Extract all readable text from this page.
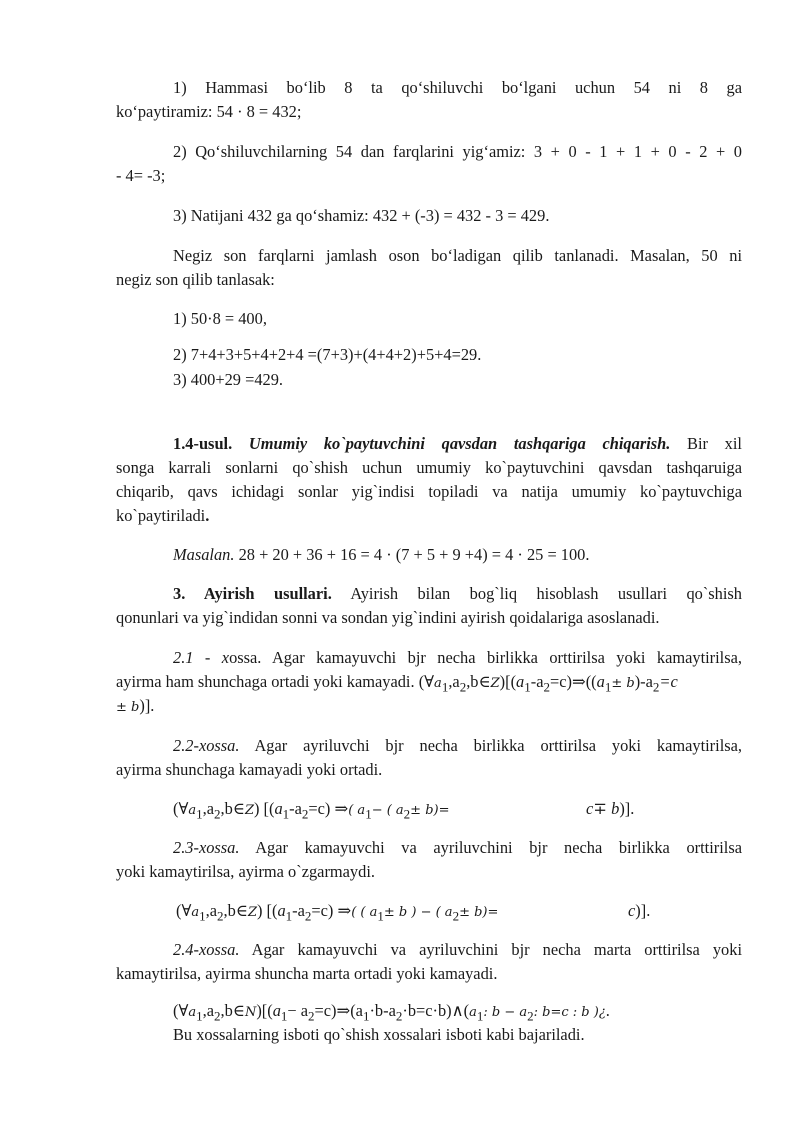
1) Hammasi bo‘lib 8 ta qo‘shiluvchi bo‘lgani uchun 54 ni 8 ga

ko‘paytiramiz: 54 · 8 = 432;

2) Qo‘shiluvchilarning 54 dan farqlarini yig‘amiz: 3 + 0 - 1 + 1 + 0 - 2 + 0

- 4= -3;

3) Natijani 432 ga qo‘shamiz: 432 + (-3) = 432 - 3 = 429.

Negiz son farqlarni jamlash oson bo‘ladigan qilib tanlanadi. Masalan, 50 ni

negiz son qilib tanlasak:

1) 50·8 = 400,

2) 7+4+3+5+4+2+4 =(7+3)+(4+4+2)+5+4=29.

3) 400+29 =429.

1.4-usul. Umumiy ko`paytuvchini qavsdan tashqariga chiqarish. Bir xil

songa karrali sonlarni qo`shish uchun umumiy ko`paytuvchini qavsdan tashqaruiga

chiqarib, qavs ichidagi sonlar yig`indisi topiladi va natija umumiy ko`paytuvchiga

ko`paytiriladi.

Masalan. 28 + 20 + 36 + 16 = 4 · (7 + 5 + 9 +4) = 4 · 25 = 100.

3. Ayirish usullari. Ayirish bilan bog`liq hisoblash usullari qo`shish

qonunlari va yig`indidan sonni va sondan yig`indini ayirish qoidalariga asoslanadi.

2.1 - xossa. Agar kamayuvchi bjr necha birlikka orttirilsa yoki kamaytirilsa,

ayirma ham shunchaga ortadi yoki kamayadi. $(\forall a_1,a_2,b\in Z)[(a_1-a_2=c)\Rightarrow((a_1\pm b)-a_2=c$

± b)].

2.2-xossa. Agar ayriluvchi bjr necha birlikka orttirilsa yoki kamaytirilsa,

ayirma shunchaga kamayadi yoki ortadi.

$(\forall a_1,a_2,b\in Z)$ [$(a_1-a_2=c)$ ⇒( $a_1-$ ( $a_2\pm b)=$	c∓ b)].

2.3-xossa. Agar kamayuvchi va ayriluvchini bjr necha birlikka orttirilsa

yoki kamaytirilsa, ayirma o`zgarmaydi.

$(\forall a_1,a_2,b\in Z)$ [$(a_1-a_2=c)$ ⇒( ( $a_1\pm b$ ) − ( $a_2\pm b)=$	c)].

2.4-xossa. Agar kamayuvchi va ayriluvchini bjr necha marta orttirilsa yoki

kamaytirilsa, ayirma shuncha marta ortadi yoki kamayadi.

$(\forall a_1,a_2,b\in N)[(a_1-$ $a_2=c)\Rightarrow(a_1\cdot b-a_2\cdot b=c\cdot b)\wedge(a_1$: $b - a_2$: b=c : b )¿.

Bu xossalarning isboti qo`shish xossalari isboti kabi bajariladi.
